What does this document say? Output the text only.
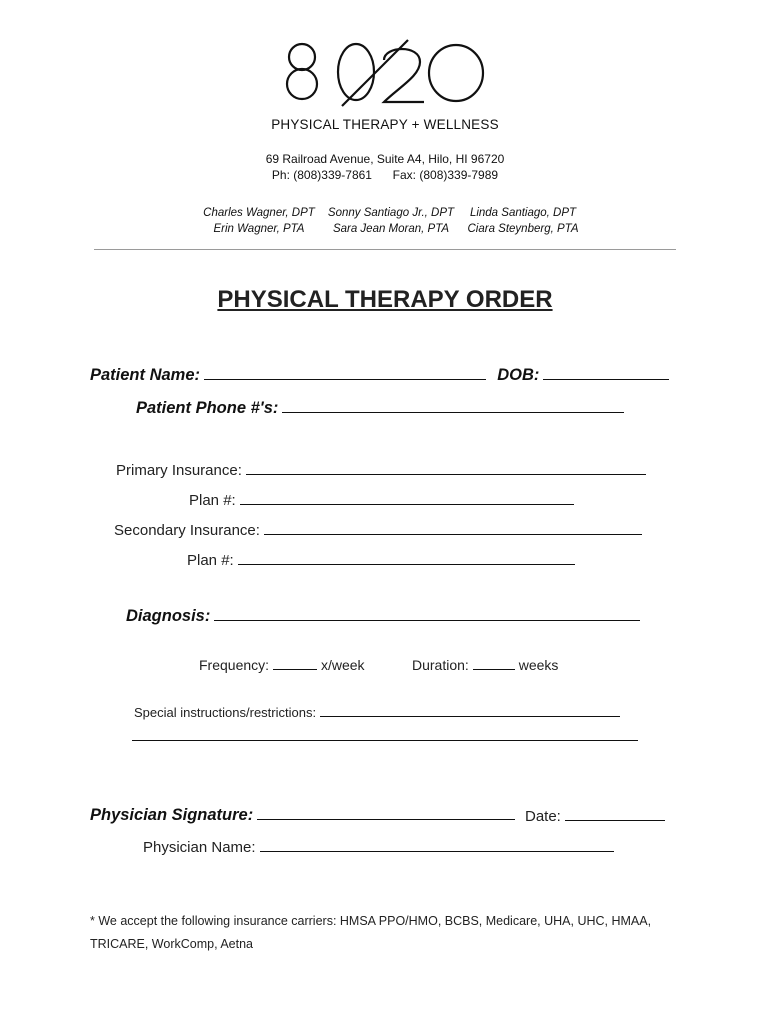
PHYSICAL THERAPY + WELLNESS
69 Railroad Avenue, Suite A4, Hilo, HI 96720
Ph: (808)339-7861 Fax: (808)339-7989
Charles Wagner, DPT	Sonny Santiago Jr., DPT	Linda Santiago, DPT
Erin Wagner, PTA	Sara Jean Moran, PTA	Ciara Steynberg, PTA
PHYSICAL THERAPY ORDER
Patient Name:	DOB:
Patient Phone #'s:
Primary Insurance:
Plan #:
Secondary Insurance:
Plan #:
Diagnosis:
Frequency:	x/week	Duration:	weeks
Special instructions/restrictions:
Physician Signature:	Date:
Physician Name:
* We accept the following insurance carriers: HMSA PPO/HMO, BCBS, Medicare, UHA, UHC, HMAA,
TRICARE, WorkComp, Aetna
